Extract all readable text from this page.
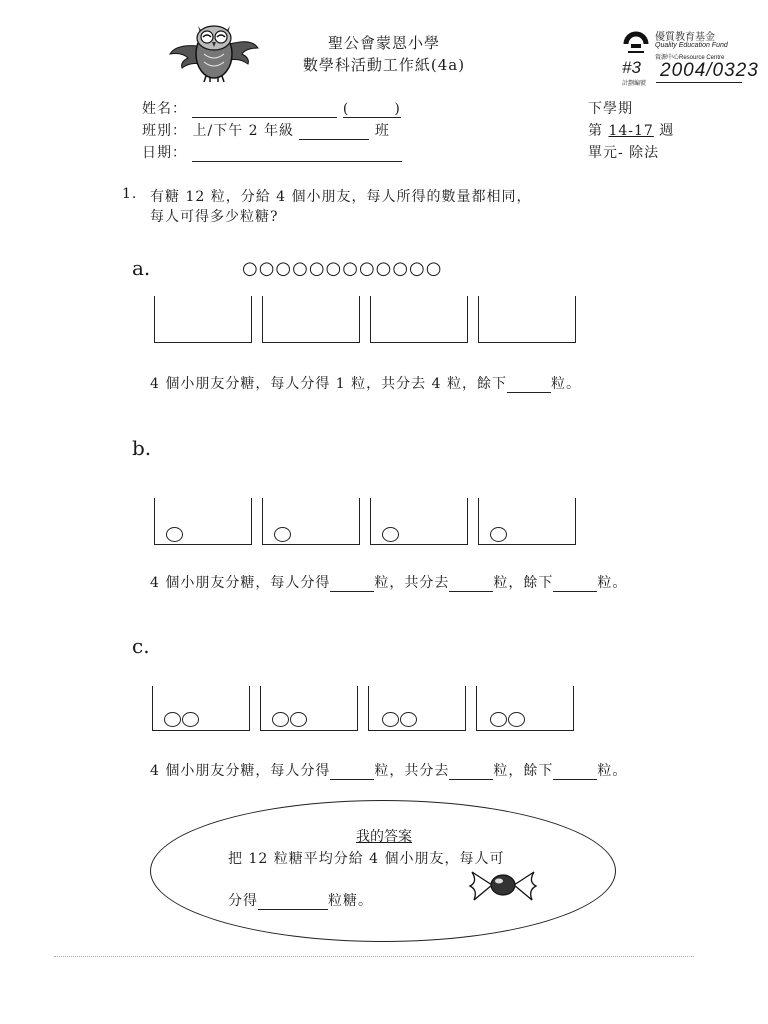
聖公會蒙恩小學
數學科活動工作紙(4a)
優質教育基金
Quality Education Fund
資源中心Resource Centre
#3 2004/0323
計劃編號
姓名：	(　　　)
班別： 上/下午 2 年級	班
日期：
下學期
第 14-17 週
單元- 除法
1. 有糖 12 粒，分給 4 個小朋友，每人所得的數量都相同，
每人可得多少粒糖?
a.	○○○○○○○○○○○○
4 個小朋友分糖，每人分得 1 粒，共分去 4 粒，餘下	粒。
b.
4 個小朋友分糖，每人分得	粒，共分去	粒，餘下	粒。
c.
4 個小朋友分糖，每人分得	粒，共分去	粒，餘下	粒。
我的答案
把 12 粒糖平均分給 4 個小朋友，每人可
分得	粒糖。
